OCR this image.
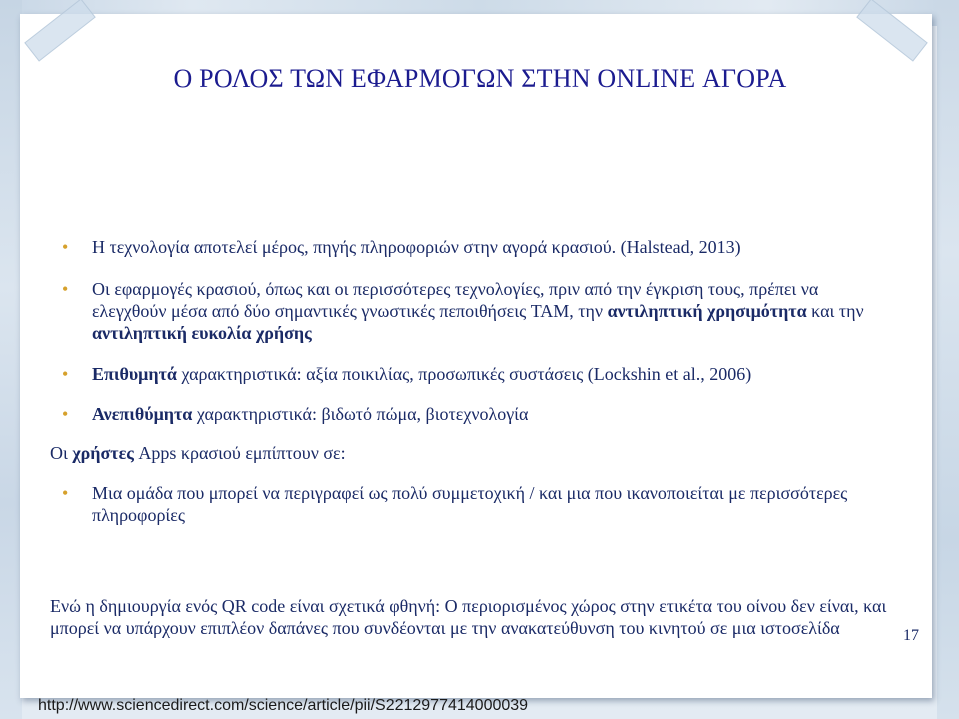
Ο ΡΟΛΟΣ ΤΩΝ ΕΦΑΡΜΟΓΩΝ ΣΤΗΝ ONLINE ΑΓΟΡΑ
• Η τεχνολογία αποτελεί μέρος, πηγής πληροφοριών στην αγορά κρασιού. (Halstead, 2013)
• Οι εφαρμογές κρασιού, όπως και οι περισσότερες τεχνολογίες, πριν από την έγκριση τους, πρέπει να ελεγχθούν μέσα από δύο σημαντικές γνωστικές πεποιθήσεις TAM, την αντιληπτική χρησιμότητα και την αντιληπτική ευκολία χρήσης
• Επιθυμητά χαρακτηριστικά: αξία ποικιλίας, προσωπικές συστάσεις (Lockshin et al., 2006)
• Ανεπιθύμητα χαρακτηριστικά: βιδωτό πώμα, βιοτεχνολογία
Οι χρήστες Apps κρασιού εμπίπτουν σε:
• Μια ομάδα που μπορεί να περιγραφεί ως πολύ συμμετοχική / και μια που ικανοποιείται με περισσότερες πληροφορίες
Ενώ η δημιουργία ενός QR code είναι σχετικά φθηνή: Ο περιορισμένος χώρος στην ετικέτα του οίνου δεν είναι, και μπορεί να υπάρχουν επιπλέον δαπάνες που συνδέονται με την ανακατεύθυνση του κινητού σε μια ιστοσελίδα	17
http://www.sciencedirect.com/science/article/pii/S2212977414000039
